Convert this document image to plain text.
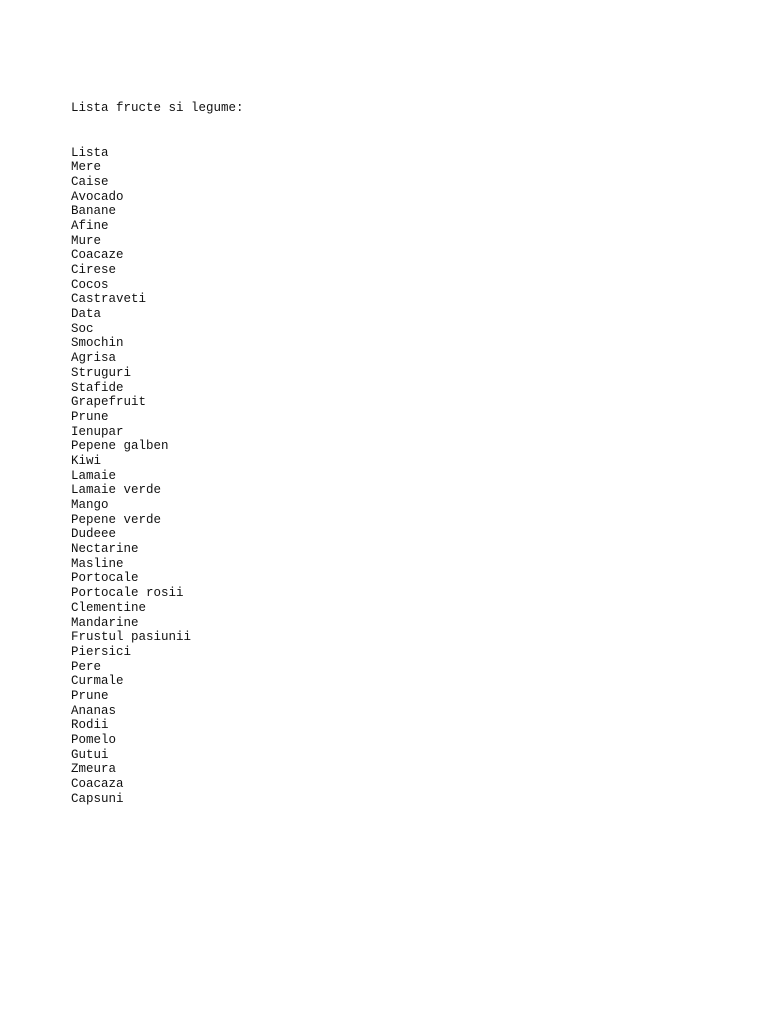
Lista fructe si legume:

Lista
Mere
Caise
Avocado
Banane
Afine
Mure
Coacaze
Cirese
Cocos
Castraveti
Data
Soc
Smochin
Agrisa
Struguri
Stafide
Grapefruit
Prune
Ienupar
Pepene galben
Kiwi
Lamaie
Lamaie verde
Mango
Pepene verde
Dudeee
Nectarine
Masline
Portocale
Portocale rosii
Clementine
Mandarine
Frustul pasiunii
Piersici
Pere
Curmale
Prune
Ananas
Rodii
Pomelo
Gutui
Zmeura
Coacaza
Capsuni
